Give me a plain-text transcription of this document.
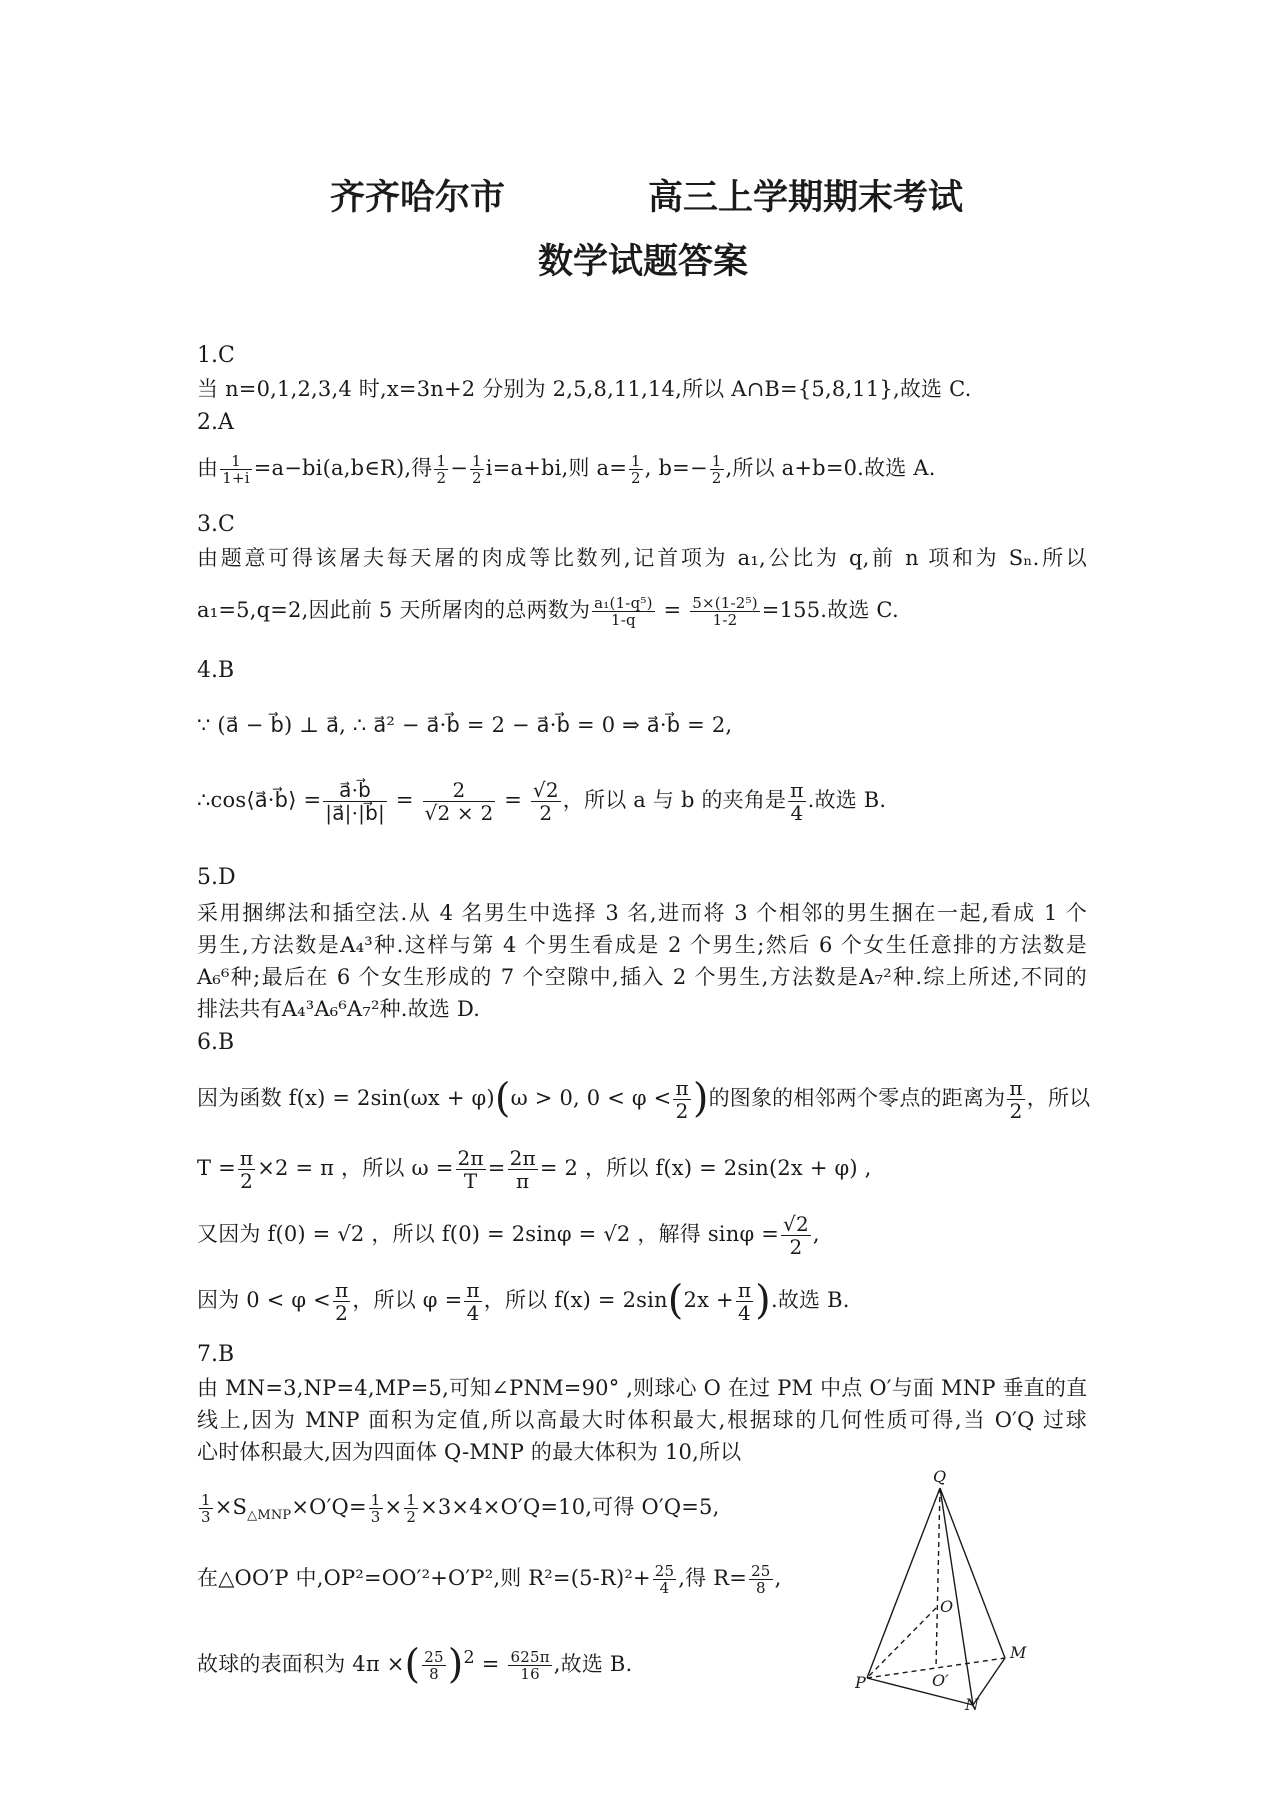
齐齐哈尔市	高三上学期期末考试
数学试题答案
1.C
当 n=0,1,2,3,4 时,x=3n+2 分别为 2,5,8,11,14,所以 A∩B={5,8,11},故选 C.
2.A
由 $\frac{1}{1+i}$ =a−bi(a,b∈R),得 $\frac{1}{2} - \frac{1}{2} i=a+bi$,则 $a= \frac{1}{2}$ , $b=- \frac{1}{2}$ ,所以 a+b=0.故选 A.
3.C
由题意可得该屠夫每天屠的肉成等比数列,记首项为 a₁,公比为 q,前 n 项和为 Sₙ.所以
a₁=5,q=2,因此前 5 天所屠肉的总两数为 $\frac{\text{a₁(1-q⁵)}}{1-q} = \frac{\text{5×(1-2⁵)}}{1-2} =155$.故选 C.
4.B
∵ (a⃗ − b⃗) ⊥ a⃗, ∴ a⃗² − a⃗·b⃗ = 2 − a⃗·b⃗ = 0 ⇒ a⃗·b⃗ = 2,
∴cos⟨a⃗·b⃗⟩ = $\frac{a⃗\cdot b⃗}{|a⃗|\cdot|b⃗|} = \frac{2}{√2 \times 2} = \frac{√2}{2}$ ，所以 a 与 b 的夹角是 $\frac{\pi}{4}$ .故选 B.
5.D
采用捆绑法和插空法.从 4 名男生中选择 3 名,进而将 3 个相邻的男生捆在一起,看成 1 个
男生,方法数是A₄³种.这样与第 4 个男生看成是 2 个男生;然后 6 个女生任意排的方法数是
A₆⁶种;最后在 6 个女生形成的 7 个空隙中,插入 2 个男生,方法数是A₇²种.综上所述,不同的
排法共有A₄³A₆⁶A₇²种.故选 D.
6.B
因为函数 f(x) = 2sin(ωx + φ)(ω > 0, $0 < \varphi < \frac{\pi}{2}$ )的图象的相邻两个零点的距离为 $\frac{\pi}{2}$ ，所以
$T = \frac{\pi}{2} \times 2 = \pi$ ，所以 $\omega = \frac{2\pi}{T} = \frac{2\pi}{\pi} = 2$ ，所以 f(x) = 2sin(2x + φ) ,
又因为 f(0) = √2 ，所以 f(0) = 2sinφ = √2 ，解得 $\sin\varphi = \frac{√2}{2}$ ,
因为 $0 < \varphi < \frac{\pi}{2}$ ，所以 $\varphi = \frac{\pi}{4}$ ，所以 $f(x) = 2\sin(2x + \frac{\pi}{4}$ ).故选 B.
7.B
由 MN=3,NP=4,MP=5,可知∠PNM=90° ,则球心 O 在过 PM 中点 O′与面 MNP 垂直的直
线上,因为 MNP 面积为定值,所以高最大时体积最大,根据球的几何性质可得,当 O′Q 过球
心时体积最大,因为四面体 Q-MNP 的最大体积为 10,所以
$\frac{1}{3} \times S_{\triangle MNP}\times O'Q= \frac{1}{3} \times \frac{1}{2} \times 3\times 4\times O'Q=10$,可得 O′Q=5,
在△OO′P 中,OP²=OO′²+O′P²,则 $R^2=(5-R)^2+ \frac{25}{4}$ ,得 $R= \frac{25}{8}$ ,
故球的表面积为 4π ×( $\frac{25}{8} )^2 = \frac{625\pi}{16}$ ,故选 B.
Q
O
O′
P
M
N
